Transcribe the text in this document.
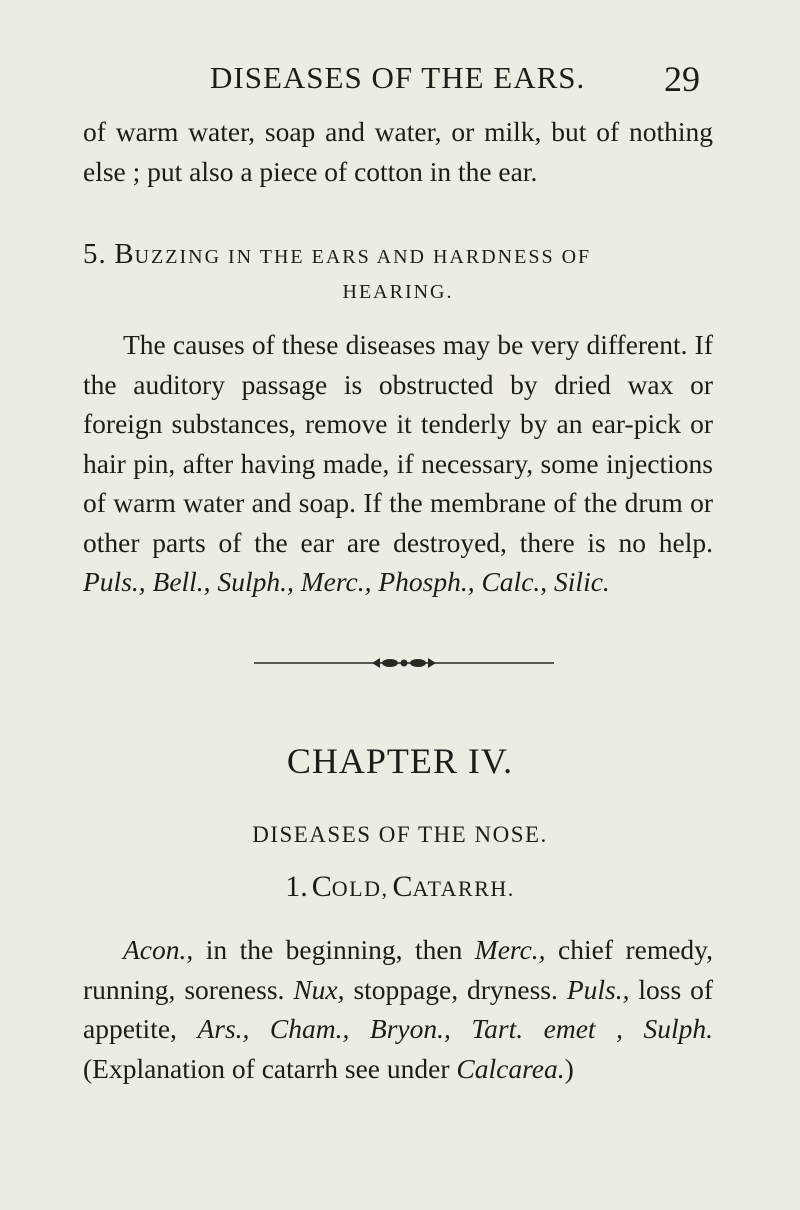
DISEASES OF THE EARS. 29

of warm water, soap and water, or milk, but of nothing else ; put also a piece of cotton in the ear.

5. BUZZING IN THE EARS AND HARDNESS OF
HEARING.

The causes of these diseases may be very different. If the auditory passage is obstructed by dried wax or foreign substances, remove it tenderly by an ear-pick or hair pin, after having made, if necessary, some injections of warm water and soap. If the membrane of the drum or other parts of the ear are destroyed, there is no help. Puls., Bell., Sulph., Merc., Phosph., Calc., Silic.

CHAPTER IV.
DISEASES OF THE NOSE.
1. COLD, CATARRH.

Acon., in the beginning, then Merc., chief remedy, running, soreness. Nux, stoppage, dryness. Puls., loss of appetite, Ars., Cham., Bryon., Tart. emet , Sulph. (Explanation of catarrh see under Calcarea.)
